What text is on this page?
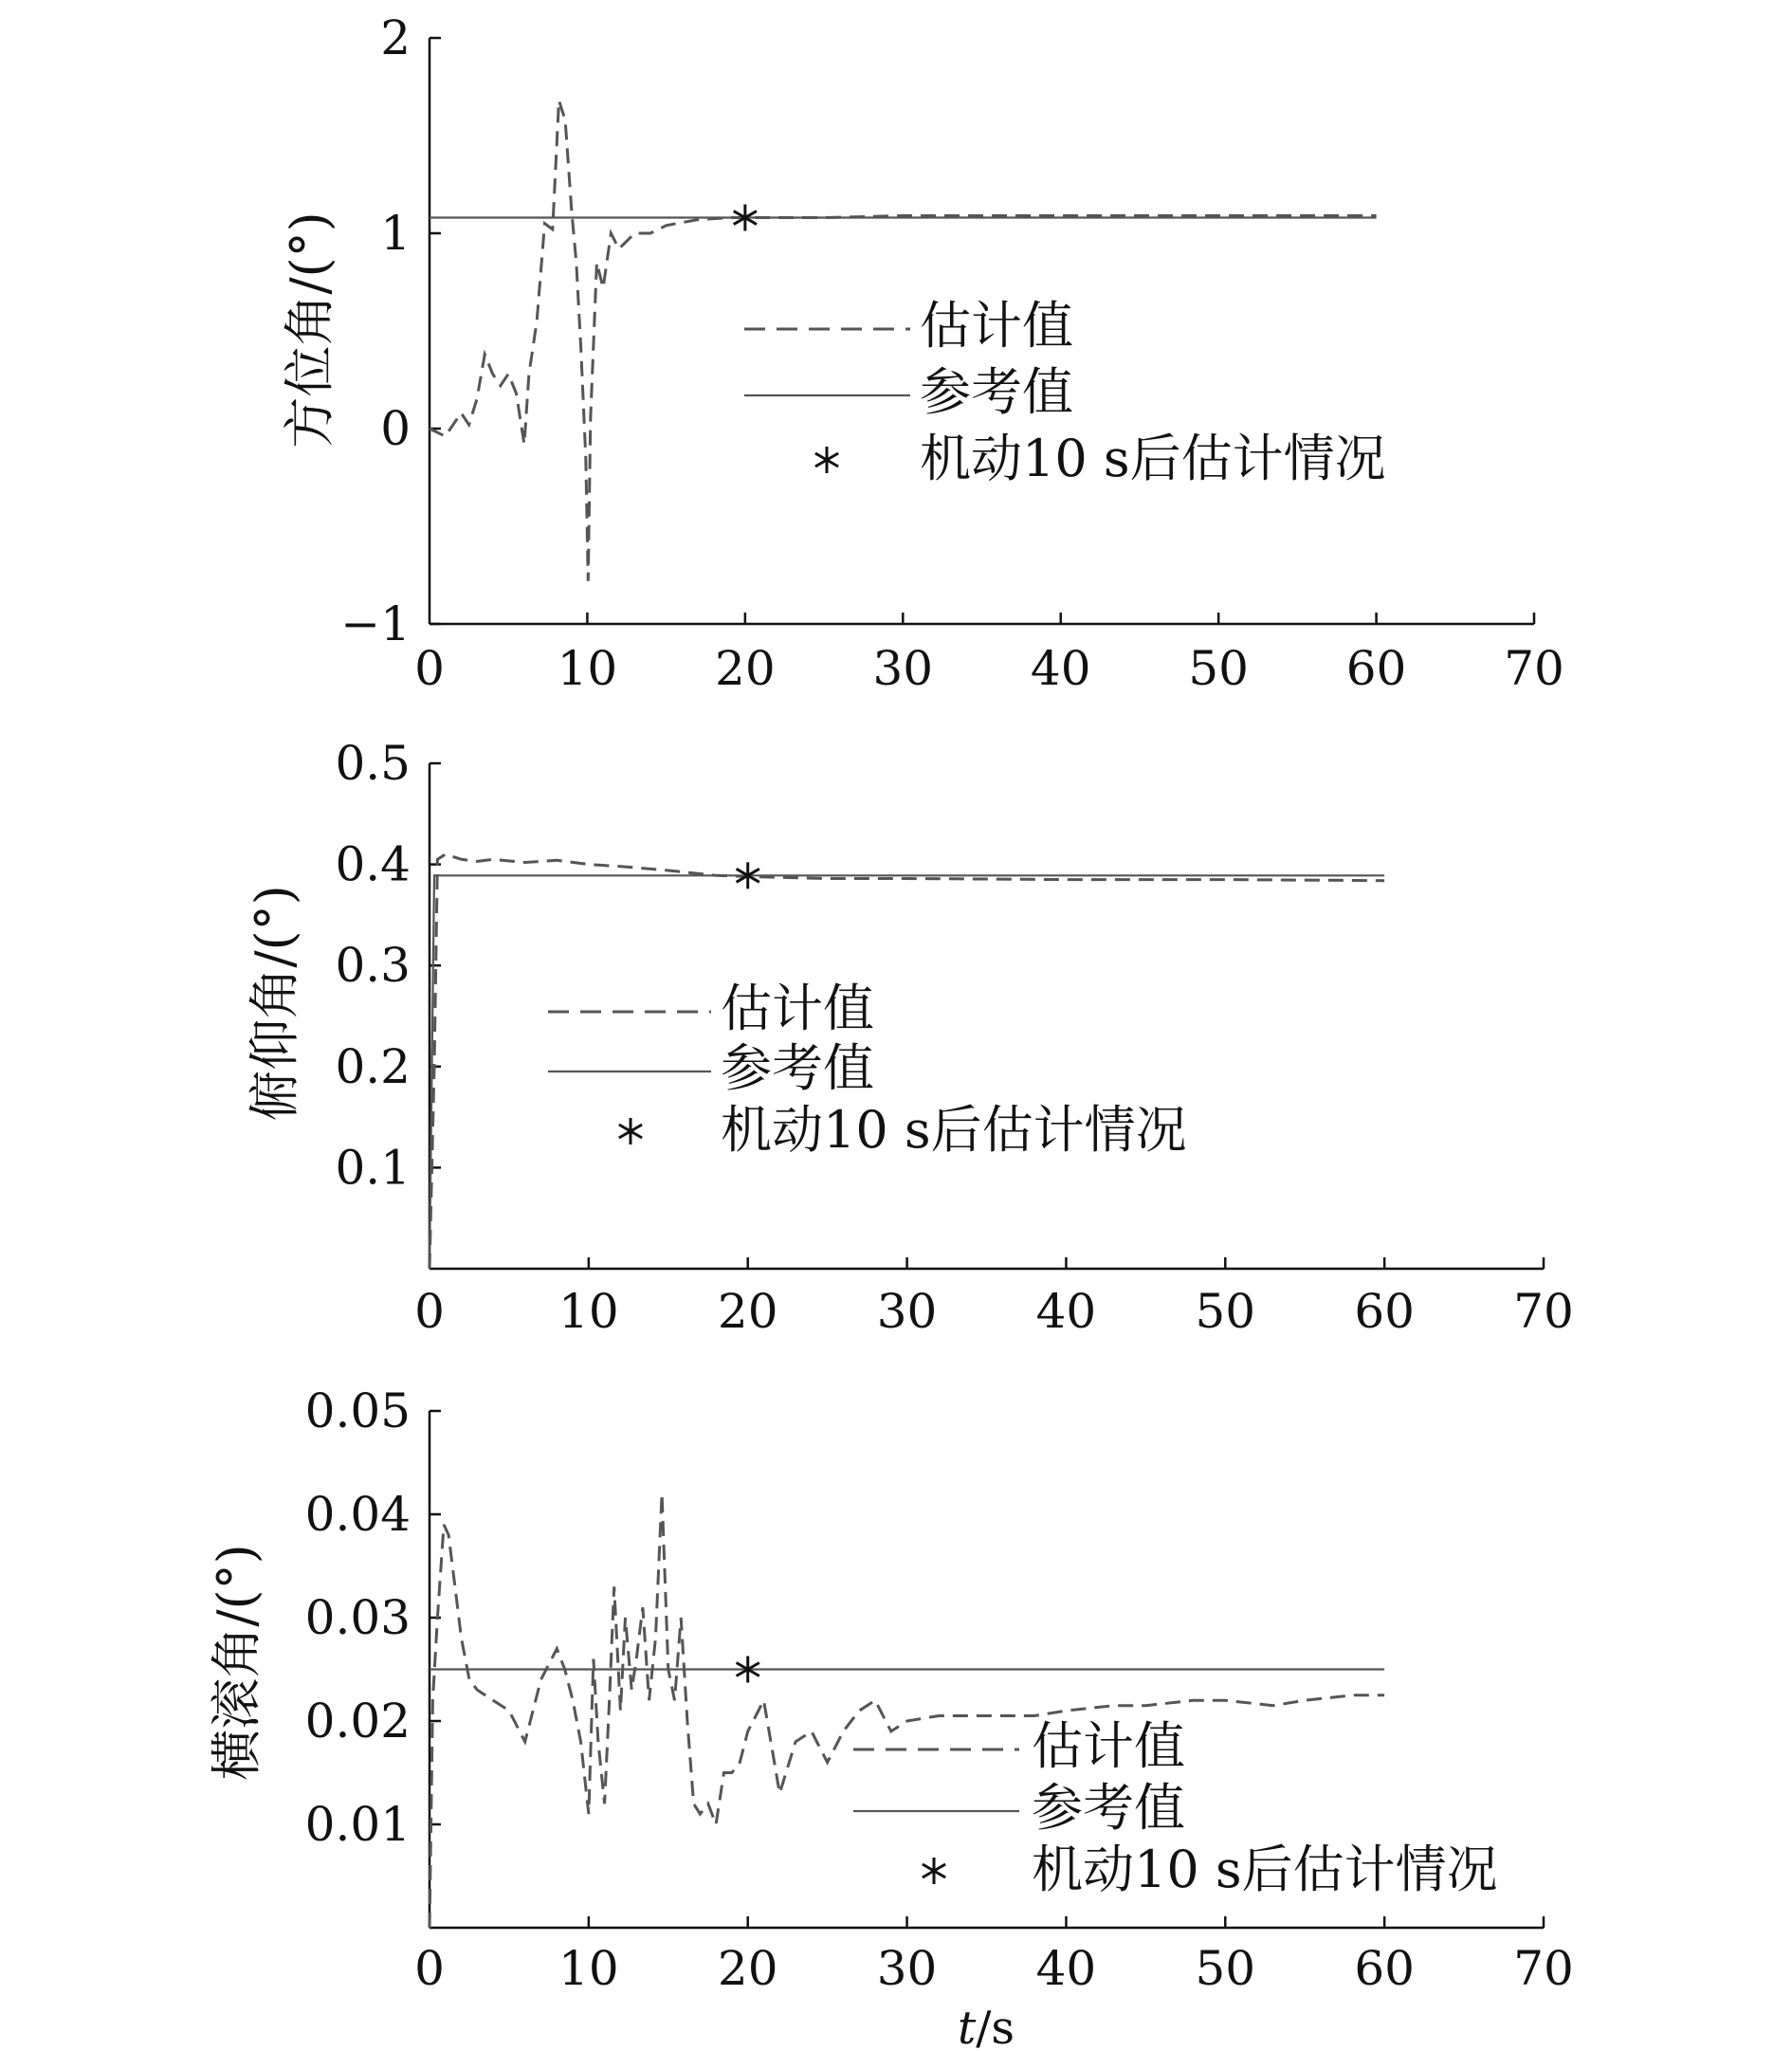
0 10 20 30 40 50 60 70
−1
0
1
2
方位角/(°)	估计值
参考值
机动10 s后估计情况
0 10 20 30 40 50 60 70
0.1
0.2
0.3
0.4
0.5
俯仰角/(°)	估计值
参考值
机动10 s后估计情况
0 10 20 30 40 50 60 70
0.01
0.02
0.03
0.04
0.05
横滚角/(°)	估计值
参考值
机动10 s后估计情况
t/s
